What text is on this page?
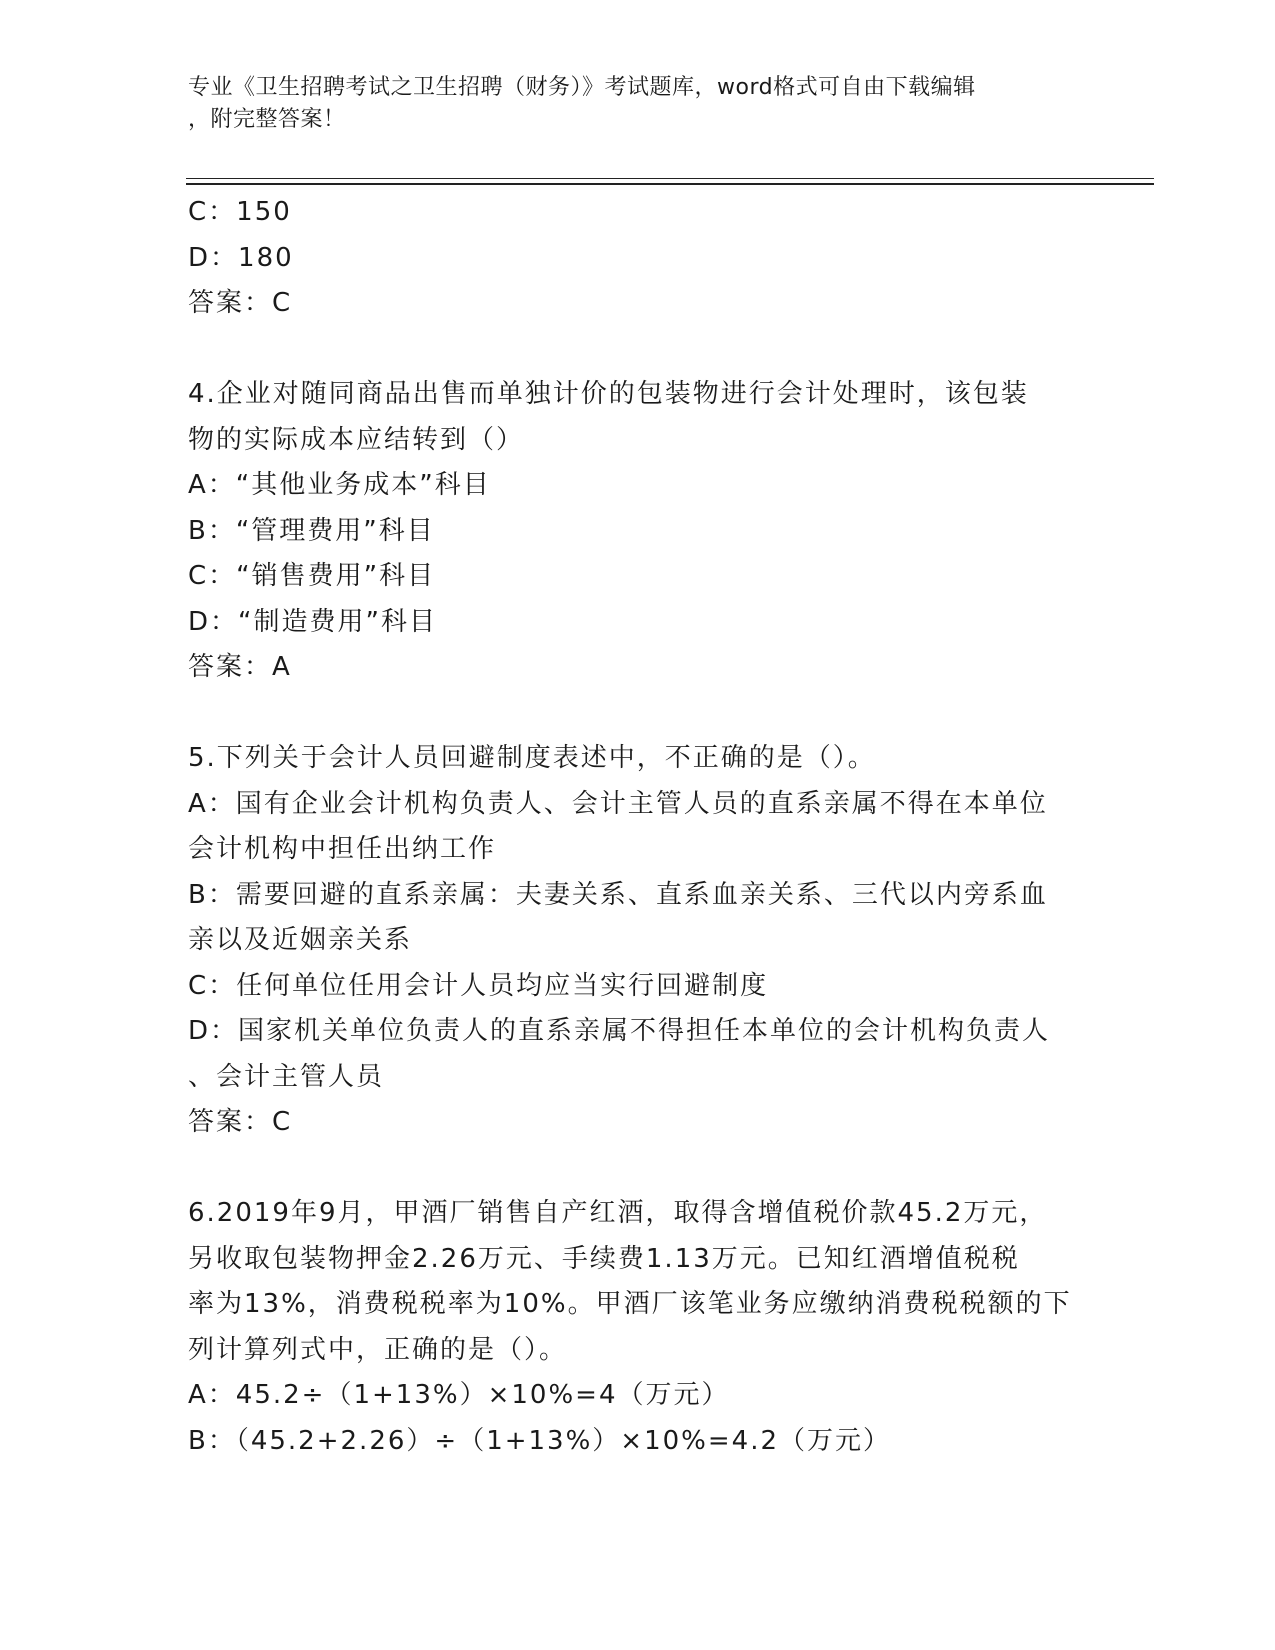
专业《卫生招聘考试之卫生招聘（财务）》考试题库，word格式可自由下载编辑
，附完整答案！
C：150
D：180
答案：C
4.企业对随同商品出售而单独计价的包装物进行会计处理时，该包装
物的实际成本应结转到（）
A：“其他业务成本”科目
B：“管理费用”科目
C：“销售费用”科目
D：“制造费用”科目
答案：A
5.下列关于会计人员回避制度表述中，不正确的是（）。
A：国有企业会计机构负责人、会计主管人员的直系亲属不得在本单位
会计机构中担任出纳工作
B：需要回避的直系亲属：夫妻关系、直系血亲关系、三代以内旁系血
亲以及近姻亲关系
C：任何单位任用会计人员均应当实行回避制度
D：国家机关单位负责人的直系亲属不得担任本单位的会计机构负责人
、会计主管人员
答案：C
6.2019年9月，甲酒厂销售自产红酒，取得含增值税价款45.2万元，
另收取包装物押金2.26万元、手续费1.13万元。已知红酒增值税税
率为13%，消费税税率为10%。甲酒厂该笔业务应缴纳消费税税额的下
列计算列式中，正确的是（）。
A：45.2÷（1+13%）×10%=4（万元）
B：（45.2+2.26）÷（1+13%）×10%=4.2（万元）
